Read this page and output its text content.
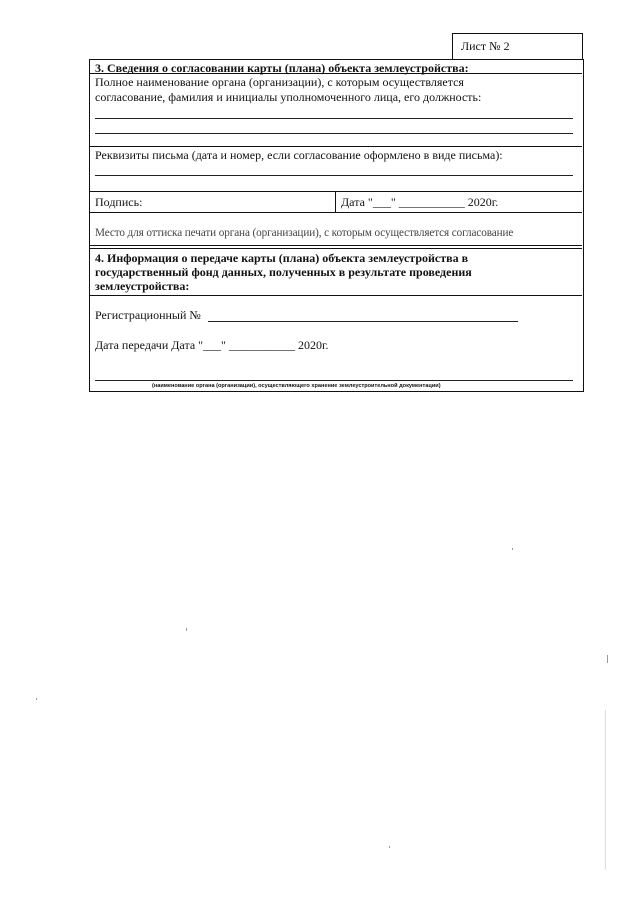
Лист № 2
3. Сведения о согласовании карты (плана) объекта землеустройства:
Полное наименование органа (организации), с которым осуществляется
согласование, фамилия и инициалы уполномоченного лица, его должность:
Реквизиты письма (дата и номер, если согласование оформлено в виде письма):
Подпись:	Дата "___" ___________ 2020г.
Место для оттиска печати органа (организации), с которым осуществляется согласование
4. Информация о передаче карты (плана) объекта землеустройства в
государственный фонд данных, полученных в результате проведения
землеустройства:
Регистрационный №
Дата передачи Дата "___" ___________ 2020г.
(наименование органа (организации), осуществляющего хранение землеустроительной документации)
